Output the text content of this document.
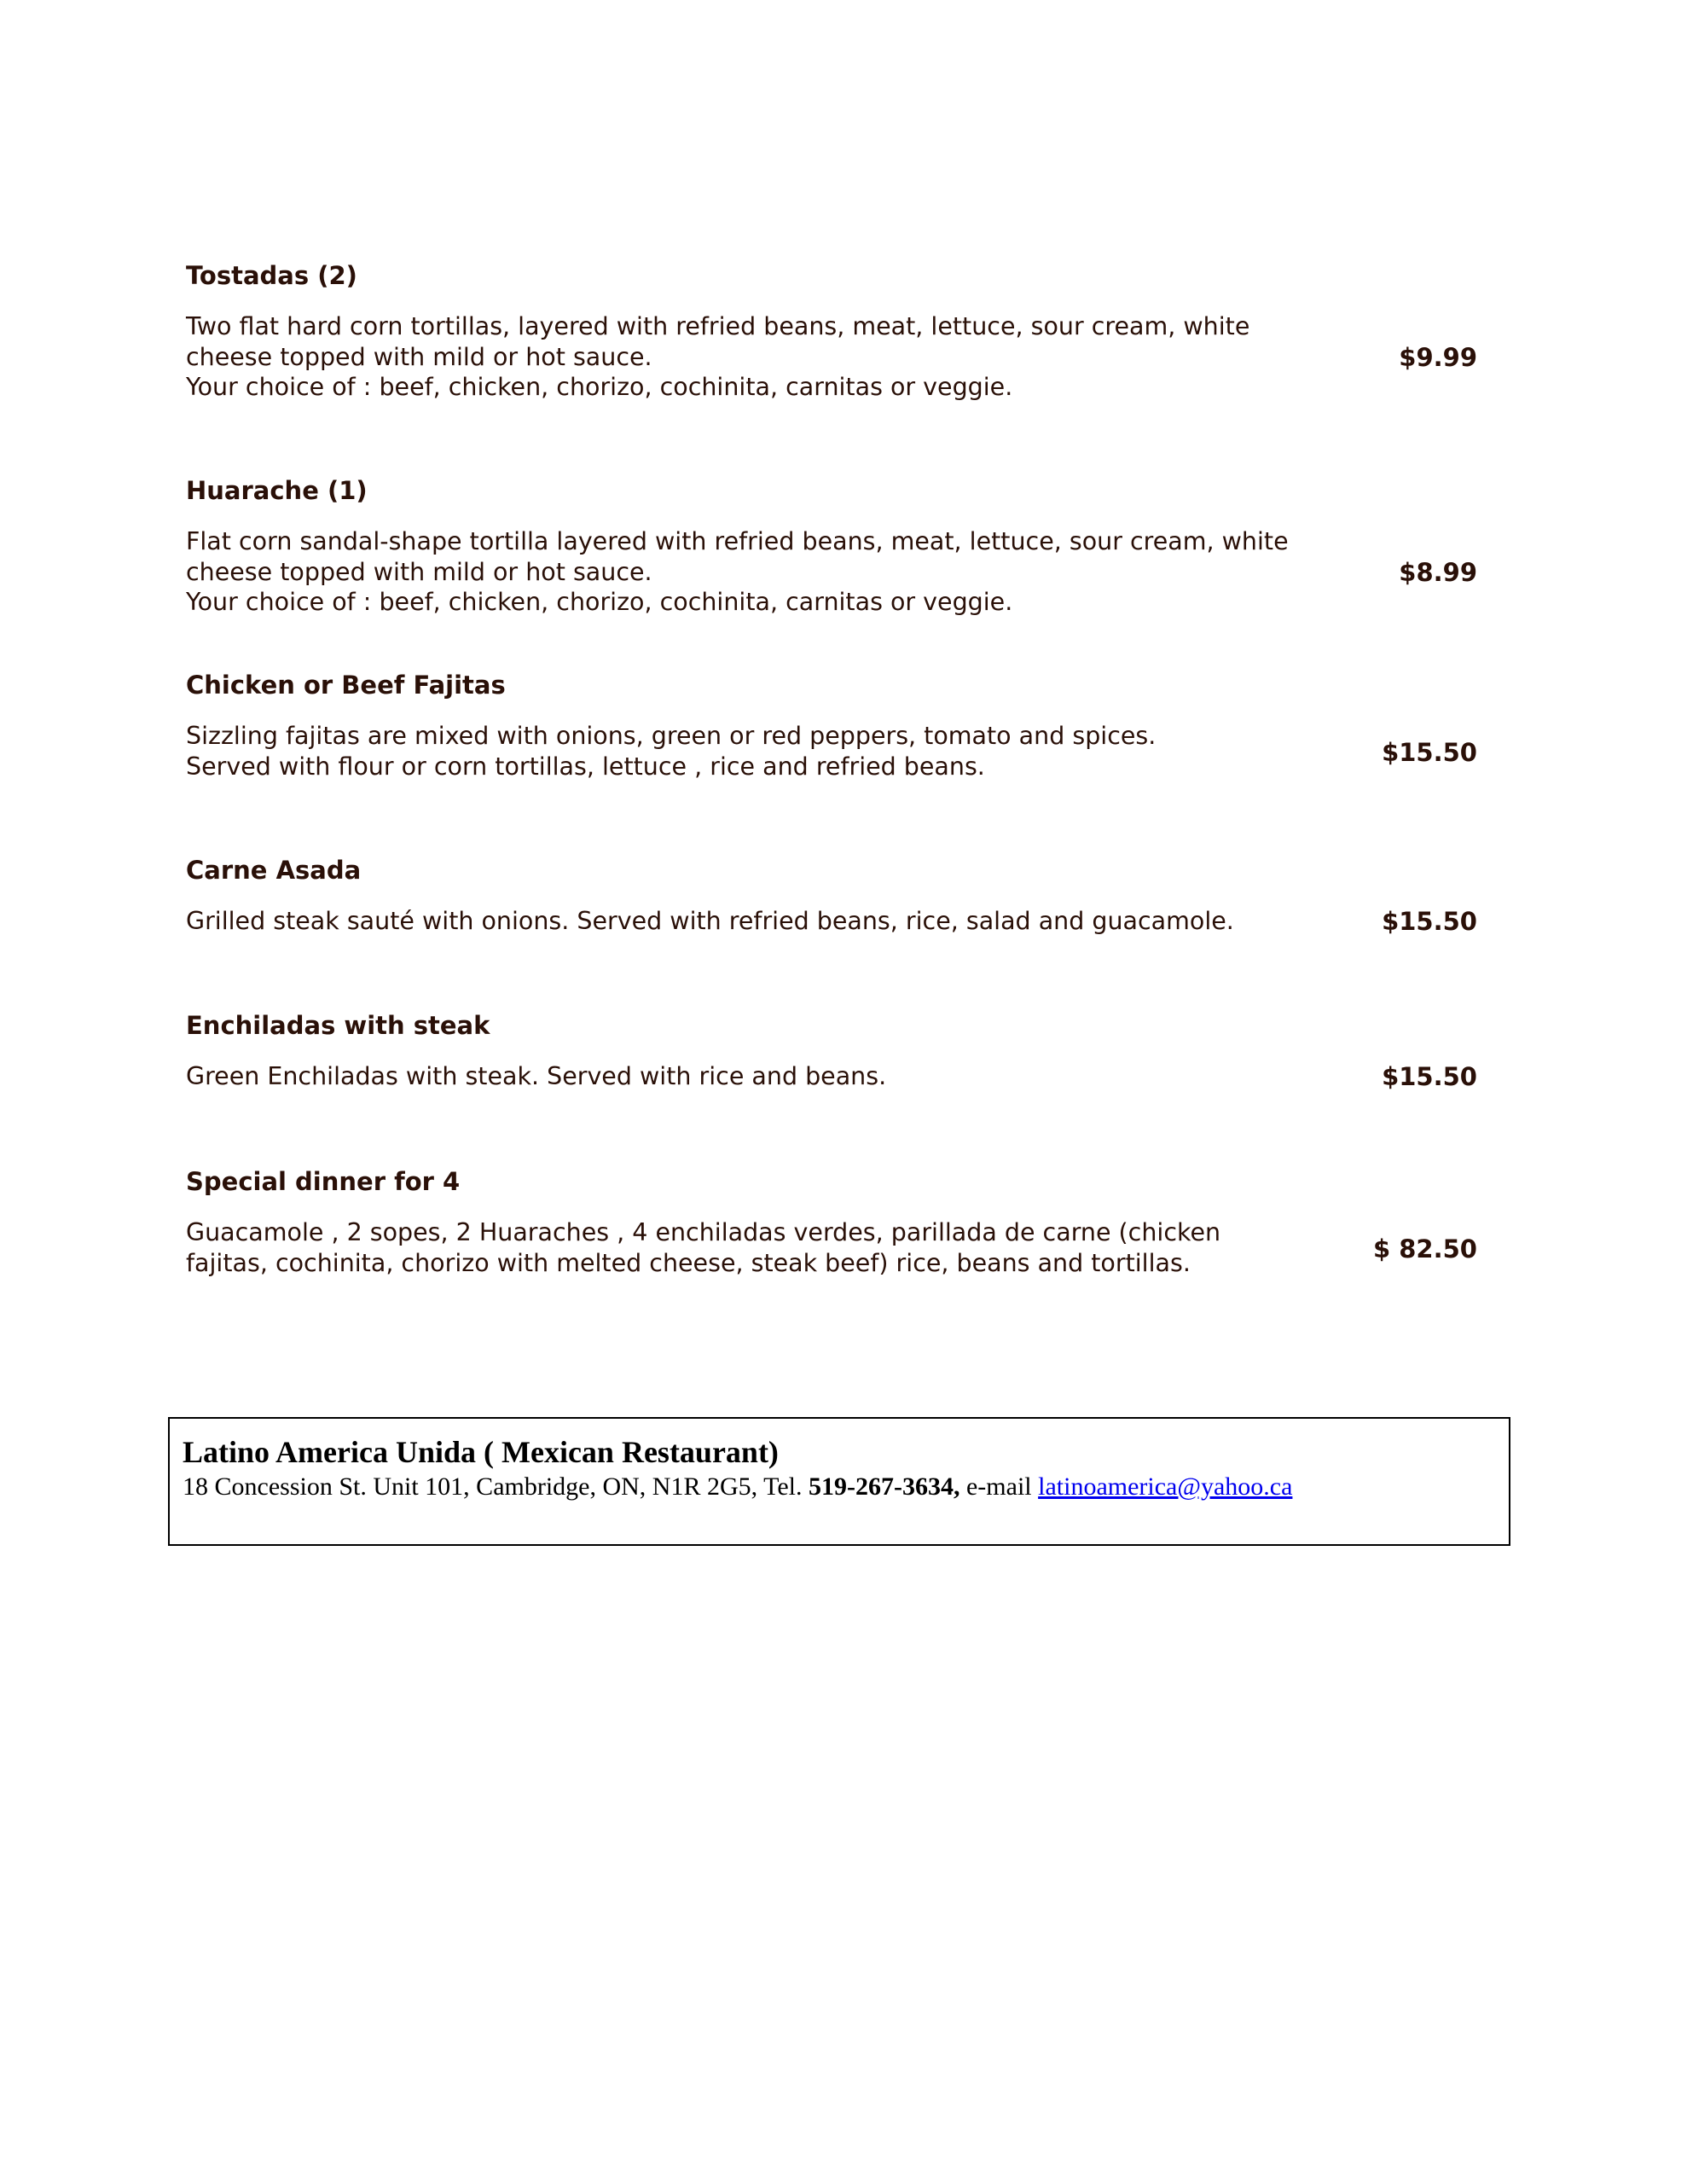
Tostadas (2)
Two flat hard corn tortillas, layered with refried beans, meat, lettuce, sour cream, white
cheese topped with mild or hot sauce.
Your choice of : beef, chicken, chorizo, cochinita, carnitas or veggie.
$9.99
Huarache (1)
Flat corn sandal-shape tortilla layered with refried beans, meat, lettuce, sour cream, white
cheese topped with mild or hot sauce.
Your choice of : beef, chicken, chorizo, cochinita, carnitas or veggie.
$8.99
Chicken or Beef Fajitas
Sizzling fajitas are mixed with onions, green or red peppers, tomato and spices.
Served with flour or corn tortillas, lettuce , rice and refried beans.	$15.50
Carne Asada
Grilled steak sauté with onions. Served with refried beans, rice, salad and guacamole.	$15.50
Enchiladas with steak
Green Enchiladas with steak. Served with rice and beans.	$15.50
Special dinner for 4
Guacamole , 2 sopes, 2 Huaraches , 4 enchiladas verdes, parillada de carne (chicken
fajitas, cochinita, chorizo with melted cheese, steak beef) rice, beans and tortillas.	$ 82.50
Latino America Unida ( Mexican Restaurant)
18 Concession St. Unit 101, Cambridge, ON, N1R 2G5, Tel. 519-267-3634, e-mail latinoamerica@yahoo.ca
